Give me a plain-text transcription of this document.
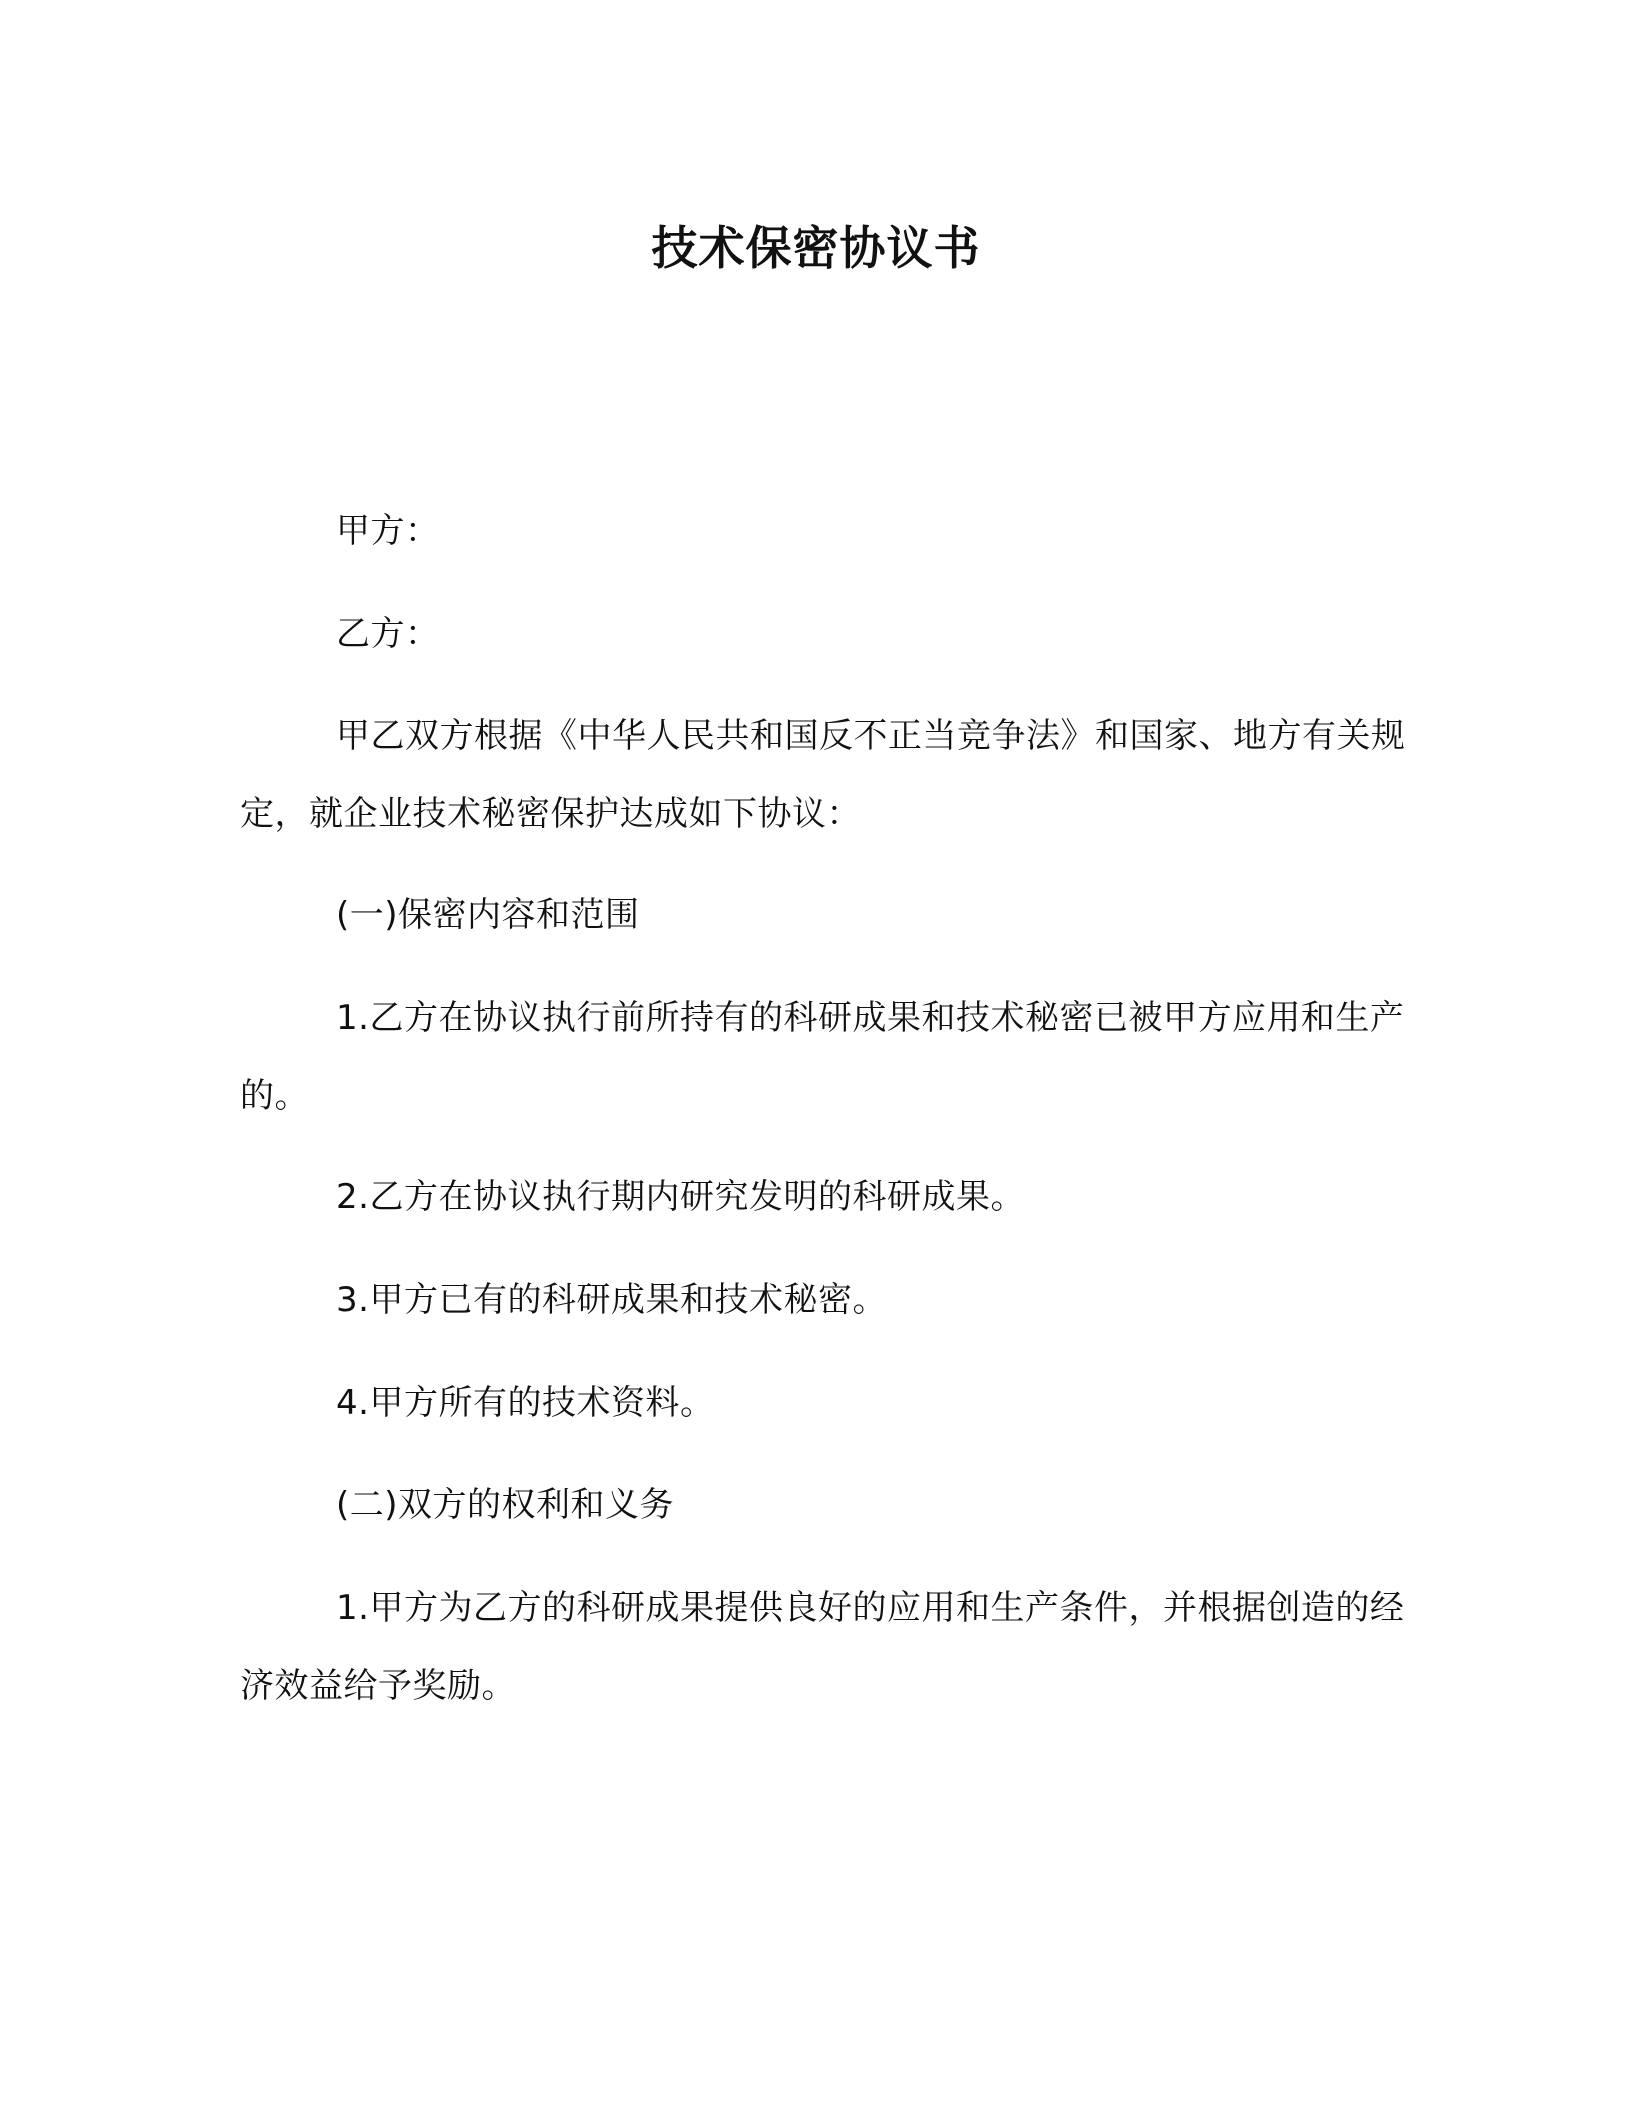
技术保密协议书
甲方：
乙方：
甲乙双方根据《中华人民共和国反不正当竞争法》和国家、地方有关规定，就企业技术秘密保护达成如下协议：
(一)保密内容和范围
1.乙方在协议执行前所持有的科研成果和技术秘密已被甲方应用和生产的。
2.乙方在协议执行期内研究发明的科研成果。
3.甲方已有的科研成果和技术秘密。
4.甲方所有的技术资料。
(二)双方的权利和义务
1.甲方为乙方的科研成果提供良好的应用和生产条件，并根据创造的经济效益给予奖励。
